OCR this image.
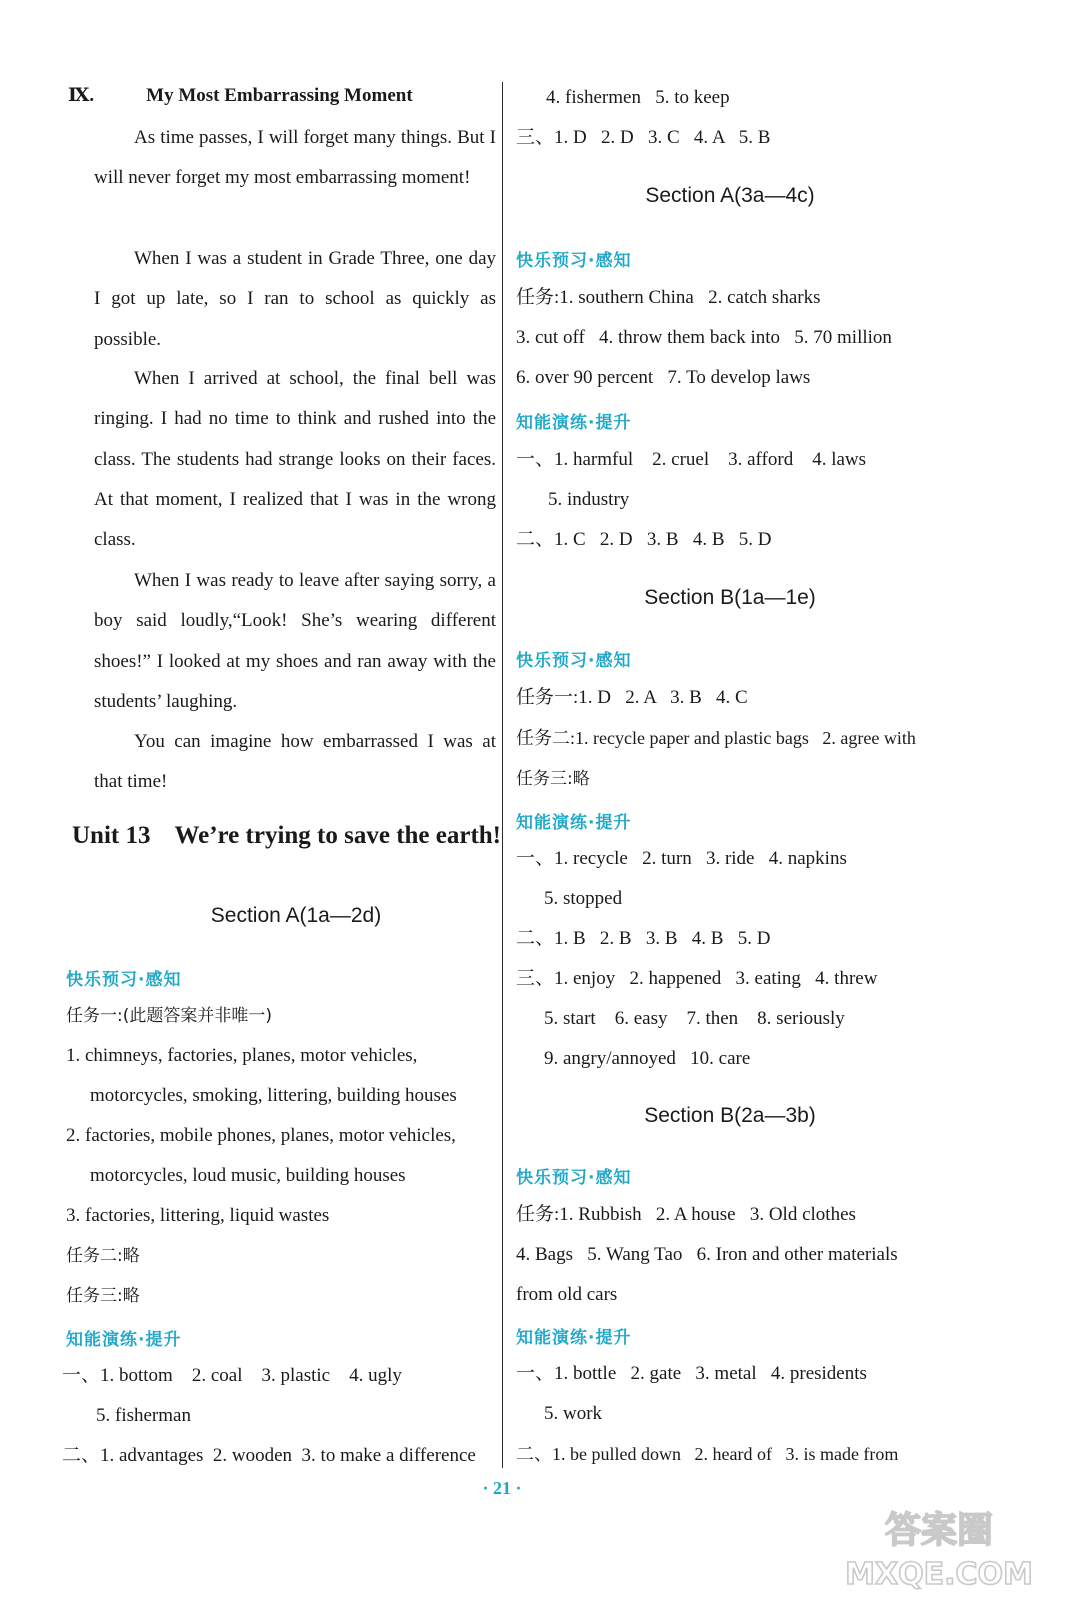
Ⅸ.	My Most Embarrassing Moment
As time passes, I will forget many things. But I will never forget my most embarrassing moment!
When I was a student in Grade Three, one day I got up late, so I ran to school as quickly as possible.
When I arrived at school, the final bell was ringing. I had no time to think and rushed into the class. The students had strange looks on their faces. At that moment, I realized that I was in the wrong class.
When I was ready to leave after saying sorry, a boy said loudly,“Look! She’s wearing different shoes!” I looked at my shoes and ran away with the students’ laughing.
You can imagine how embarrassed I was at that time!
Unit 13 We’re trying to save the earth!
Section A(1a—2d)
快乐预习·感知
任务一:(此题答案并非唯一)
1. chimneys, factories, planes, motor vehicles,
motorcycles, smoking, littering, building houses
2. factories, mobile phones, planes, motor vehicles,
motorcycles, loud music, building houses
3. factories, littering, liquid wastes
任务二:略
任务三:略
知能演练·提升
一、1. bottom    2. coal    3. plastic    4. ugly
5. fisherman
二、1. advantages  2. wooden  3. to make a difference
4. fishermen   5. to keep
三、1. D   2. D   3. C   4. A   5. B
Section A(3a—4c)
快乐预习·感知
任务:1. southern China   2. catch sharks
3. cut off   4. throw them back into   5. 70 million
6. over 90 percent   7. To develop laws
知能演练·提升
一、1. harmful    2. cruel    3. afford    4. laws
5. industry
二、1. C   2. D   3. B   4. B   5. D
Section B(1a—1e)
快乐预习·感知
任务一:1. D   2. A   3. B   4. C
任务二:1. recycle paper and plastic bags   2. agree with
任务三:略
知能演练·提升
一、1. recycle   2. turn   3. ride   4. napkins
5. stopped
二、1. B   2. B   3. B   4. B   5. D
三、1. enjoy   2. happened   3. eating   4. threw
5. start    6. easy    7. then    8. seriously
9. angry/annoyed   10. care
Section B(2a—3b)
快乐预习·感知
任务:1. Rubbish   2. A house   3. Old clothes
4. Bags   5. Wang Tao   6. Iron and other materials
from old cars
知能演练·提升
一、1. bottle   2. gate   3. metal   4. presidents
5. work
二、1. be pulled down   2. heard of   3. is made from
· 21 ·
答案圈
MXQE.COM
